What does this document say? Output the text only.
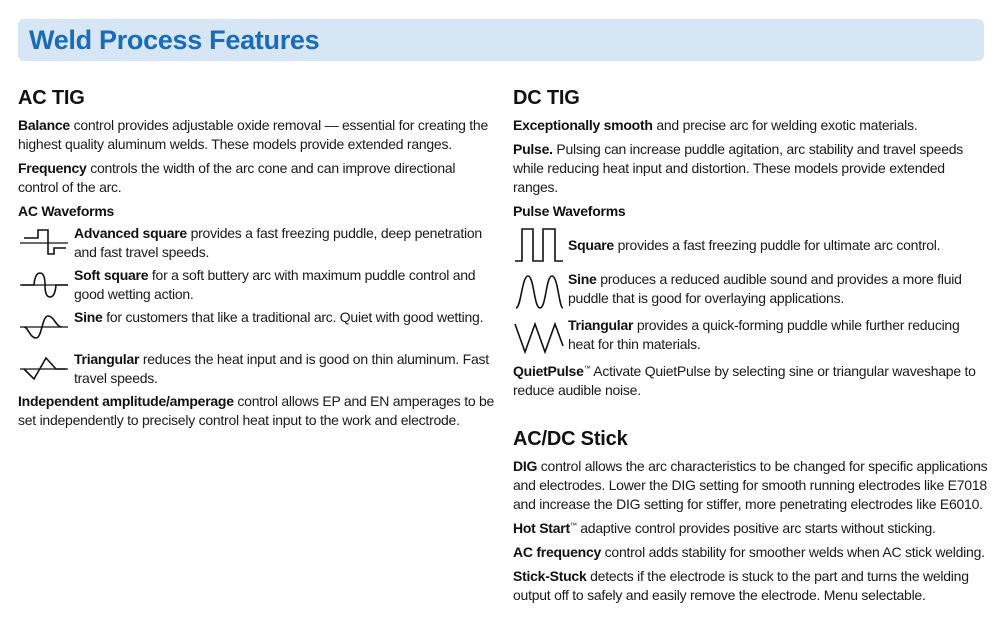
Weld Process Features
AC TIG

Balance control provides adjustable oxide removal — essential for creating the highest quality aluminum welds. These models provide extended ranges.

Frequency controls the width of the arc cone and can improve directional control of the arc.

AC Waveforms

Advanced square provides a fast freezing puddle, deep penetration and fast travel speeds.

Soft square for a soft buttery arc with maximum puddle control and good wetting action.

Sine for customers that like a traditional arc. Quiet with good wetting.

Triangular reduces the heat input and is good on thin aluminum. Fast travel speeds.

Independent amplitude/amperage control allows EP and EN amperages to be set independently to precisely control heat input to the work and electrode.

DC TIG

Exceptionally smooth and precise arc for welding exotic materials.

Pulse. Pulsing can increase puddle agitation, arc stability and travel speeds while reducing heat input and distortion. These models provide extended ranges.

Pulse Waveforms

Square provides a fast freezing puddle for ultimate arc control.

Sine produces a reduced audible sound and provides a more fluid puddle that is good for overlaying applications.

Triangular provides a quick-forming puddle while further reducing heat for thin materials.

QuietPulse™ Activate QuietPulse by selecting sine or triangular waveshape to reduce audible noise.

AC/DC Stick

DIG control allows the arc characteristics to be changed for specific applications and electrodes. Lower the DIG setting for smooth running electrodes like E7018 and increase the DIG setting for stiffer, more penetrating electrodes like E6010.

Hot Start™ adaptive control provides positive arc starts without sticking.

AC frequency control adds stability for smoother welds when AC stick welding.

Stick-Stuck detects if the electrode is stuck to the part and turns the welding output off to safely and easily remove the electrode. Menu selectable.
